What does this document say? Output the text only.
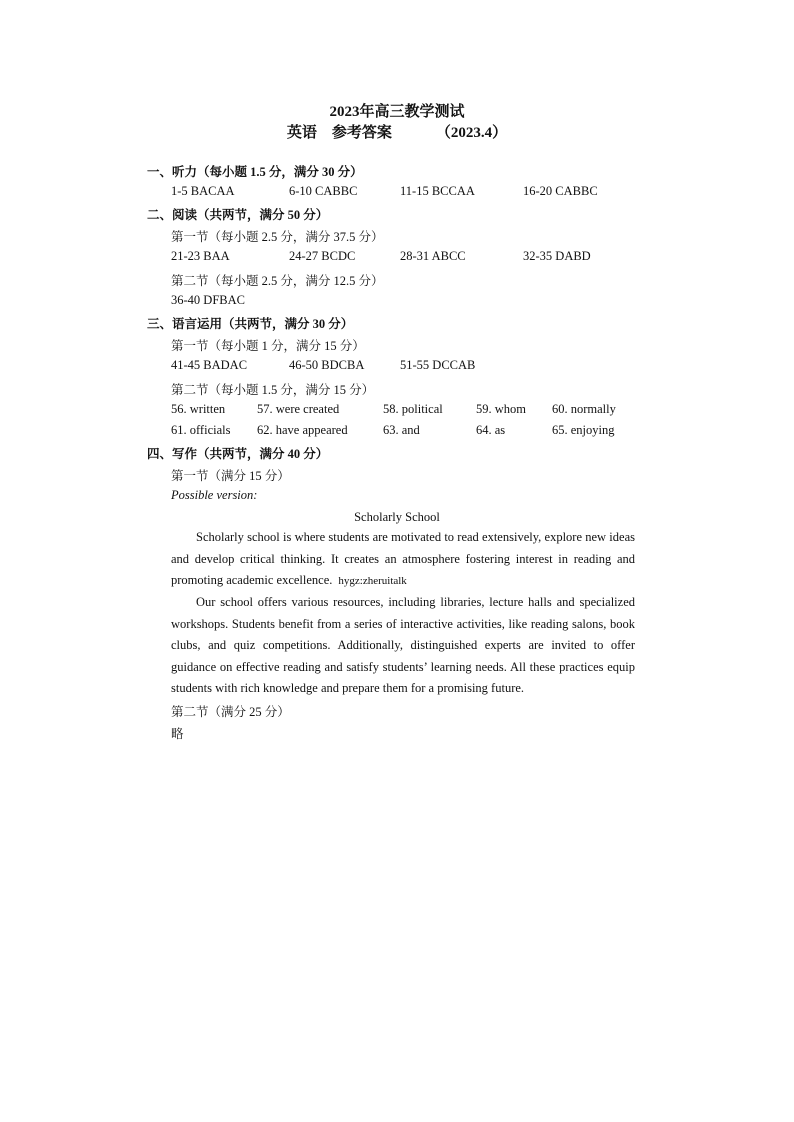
2023年高三教学测试
英语　参考答案	（2023.4）
一、听力（每小题 1.5 分，满分 30 分）
1-5 BACAA	6-10 CABBC	11-15 BCCAA	16-20 CABBC
二、阅读（共两节，满分 50 分）
第一节（每小题 2.5 分，满分 37.5 分）
21-23 BAA	24-27 BCDC	28-31 ABCC	32-35 DABD
第二节（每小题 2.5 分，满分 12.5 分）
36-40 DFBAC
三、语言运用（共两节，满分 30 分）
第一节（每小题 1 分，满分 15 分）
41-45 BADAC	46-50 BDCBA	51-55 DCCAB
第二节（每小题 1.5 分，满分 15 分）
56. written	57. were created	58. political	59. whom 60. normally
61. officials 62. have appeared	63. and	64. as	65. enjoying
四、写作（共两节，满分 40 分）
第一节（满分 15 分）
Possible version:
Scholarly School

Scholarly school is where students are motivated to read extensively, explore new ideas and develop critical thinking. It creates an atmosphere fostering interest in reading and promoting academic excellence. hygz:zheruitalk

Our school offers various resources, including libraries, lecture halls and specialized workshops. Students benefit from a series of interactive activities, like reading salons, book clubs, and quiz competitions. Additionally, distinguished experts are invited to offer guidance on effective reading and satisfy students’ learning needs. All these practices equip students with rich knowledge and prepare them for a promising future.

第二节（满分 25 分）
略
